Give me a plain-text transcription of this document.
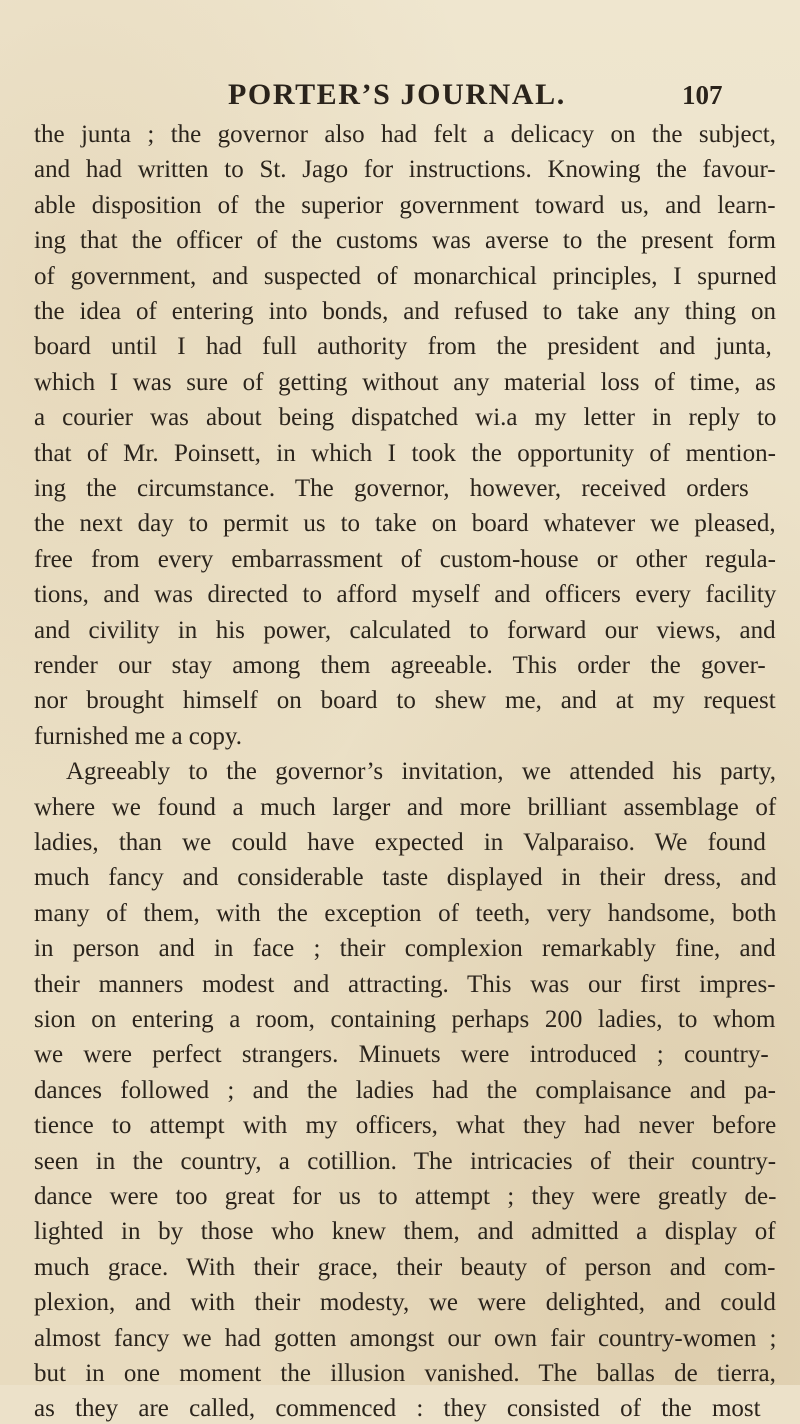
PORTER’S JOURNAL.	107
the junta ; the governor also had felt a delicacy on the subject,
and had written to St. Jago for instructions. Knowing the favour-
able disposition of the superior government toward us, and learn-
ing that the officer of the customs was averse to the present form
of government, and suspected of monarchical principles, I spurned
the idea of entering into bonds, and refused to take any thing on
board until I had full authority from the president and junta,
which I was sure of getting without any material loss of time, as
a courier was about being dispatched wi.a my letter in reply to
that of Mr. Poinsett, in which I took the opportunity of mention-
ing the circumstance. The governor, however, received orders
the next day to permit us to take on board whatever we pleased,
free from every embarrassment of custom-house or other regula-
tions, and was directed to afford myself and officers every facility
and civility in his power, calculated to forward our views, and
render our stay among them agreeable. This order the gover-
nor brought himself on board to shew me, and at my request
furnished me a copy.
Agreeably to the governor’s invitation, we attended his party,
where we found a much larger and more brilliant assemblage of
ladies, than we could have expected in Valparaiso. We found
much fancy and considerable taste displayed in their dress, and
many of them, with the exception of teeth, very handsome, both
in person and in face ; their complexion remarkably fine, and
their manners modest and attracting. This was our first impres-
sion on entering a room, containing perhaps 200 ladies, to whom
we were perfect strangers. Minuets were introduced ; country-
dances followed ; and the ladies had the complaisance and pa-
tience to attempt with my officers, what they had never before
seen in the country, a cotillion. The intricacies of their country-
dance were too great for us to attempt ; they were greatly de-
lighted in by those who knew them, and admitted a display of
much grace. With their grace, their beauty of person and com-
plexion, and with their modesty, we were delighted, and could
almost fancy we had gotten amongst our own fair country-women ;
but in one moment the illusion vanished. The ballas de tierra,
as they are called, commenced : they consisted of the most
